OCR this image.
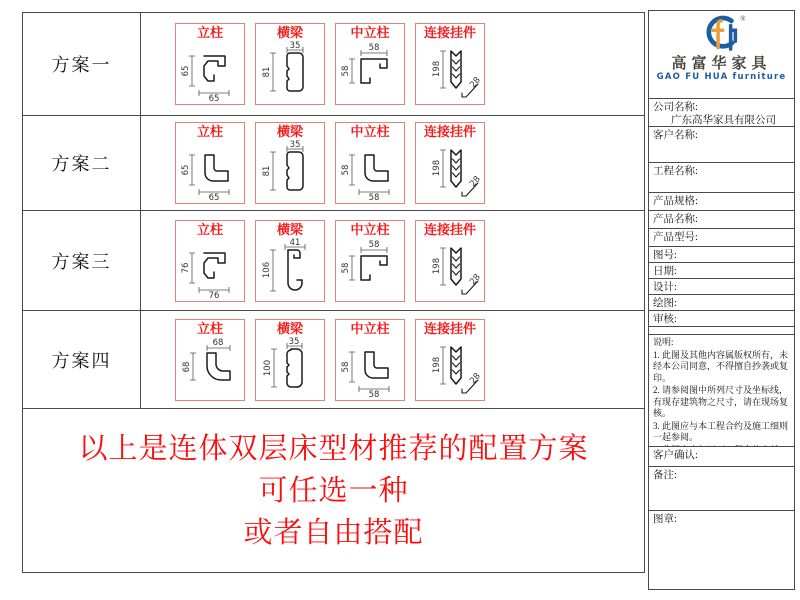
方案一
立柱
65
65
横梁
35
81
中立柱
58
58
连接挂件
198
28
方案二
立柱
65
65
横梁
35
81
中立柱
58
58
连接挂件
198
28
方案三
立柱
76
76
横梁
41
106
中立柱
58
58
连接挂件
198
28
方案四
立柱
68
68
横梁
35
100
中立柱
58
58
连接挂件
198
28
以上是连体双层床型材推荐的配置方案
可任选一种
或者自由搭配
®
高富华家具
GAO FU HUA furniture
公司名称:
广东高华家具有限公司
客户名称:
工程名称:
产品规格:
产品名称:
产品型号:
图号:
日期:
设计:
绘图:
审核:
说明:
1. 此图及其他内容属版权所有，未经本公司同意，不得擅自抄袭或复印。
2. 请参阅图中所列尺寸及坐标线，有现存建筑物之尺寸，请在现场复核。
3. 此图应与本工程合约及施工细则一起参阅。
客户确认:
备注:
图章:
